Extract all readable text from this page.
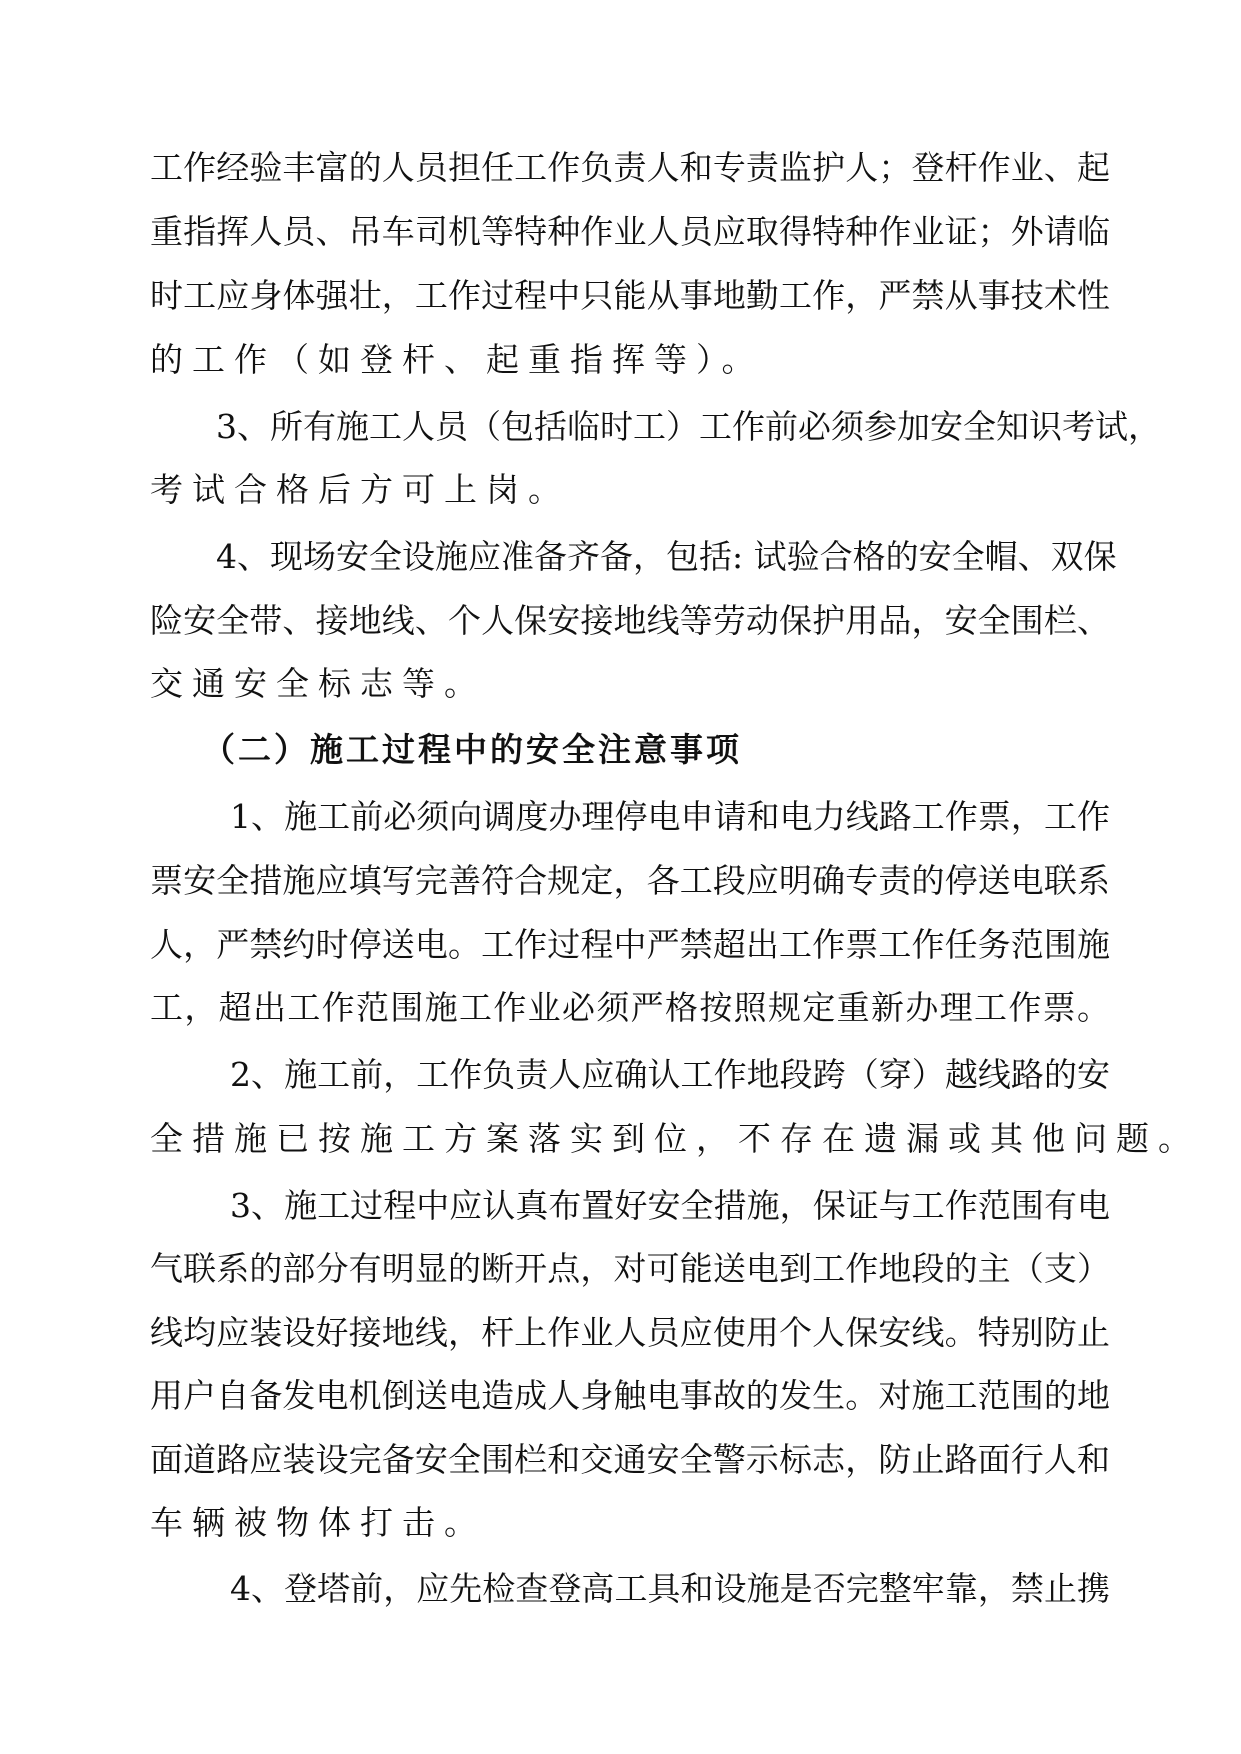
工作经验丰富的人员担任工作负责人和专责监护人；登杆作业、起
重指挥人员、吊车司机等特种作业人员应取得特种作业证；外请临
时工应身体强壮，工作过程中只能从事地勤工作，严禁从事技术性
的工作（如登杆、起重指挥等）。
3、所有施工人员（包括临时工）工作前必须参加安全知识考试，
考试合格后方可上岗。
4、现场安全设施应准备齐备，包括: 试验合格的安全帽、双保
险安全带、接地线、个人保安接地线等劳动保护用品，安全围栏、
交通安全标志等。
（二）施工过程中的安全注意事项
1、施工前必须向调度办理停电申请和电力线路工作票，工作
票安全措施应填写完善符合规定，各工段应明确专责的停送电联系
人，严禁约时停送电。工作过程中严禁超出工作票工作任务范围施
工，超出工作范围施工作业必须严格按照规定重新办理工作票。
2、施工前，工作负责人应确认工作地段跨（穿）越线路的安
全措施已按施工方案落实到位，不存在遗漏或其他问题。
3、施工过程中应认真布置好安全措施，保证与工作范围有电
气联系的部分有明显的断开点，对可能送电到工作地段的主（支）
线均应装设好接地线，杆上作业人员应使用个人保安线。特别防止
用户自备发电机倒送电造成人身触电事故的发生。对施工范围的地
面道路应装设完备安全围栏和交通安全警示标志，防止路面行人和
车辆被物体打击。
4、登塔前，应先检查登高工具和设施是否完整牢靠，禁止携
